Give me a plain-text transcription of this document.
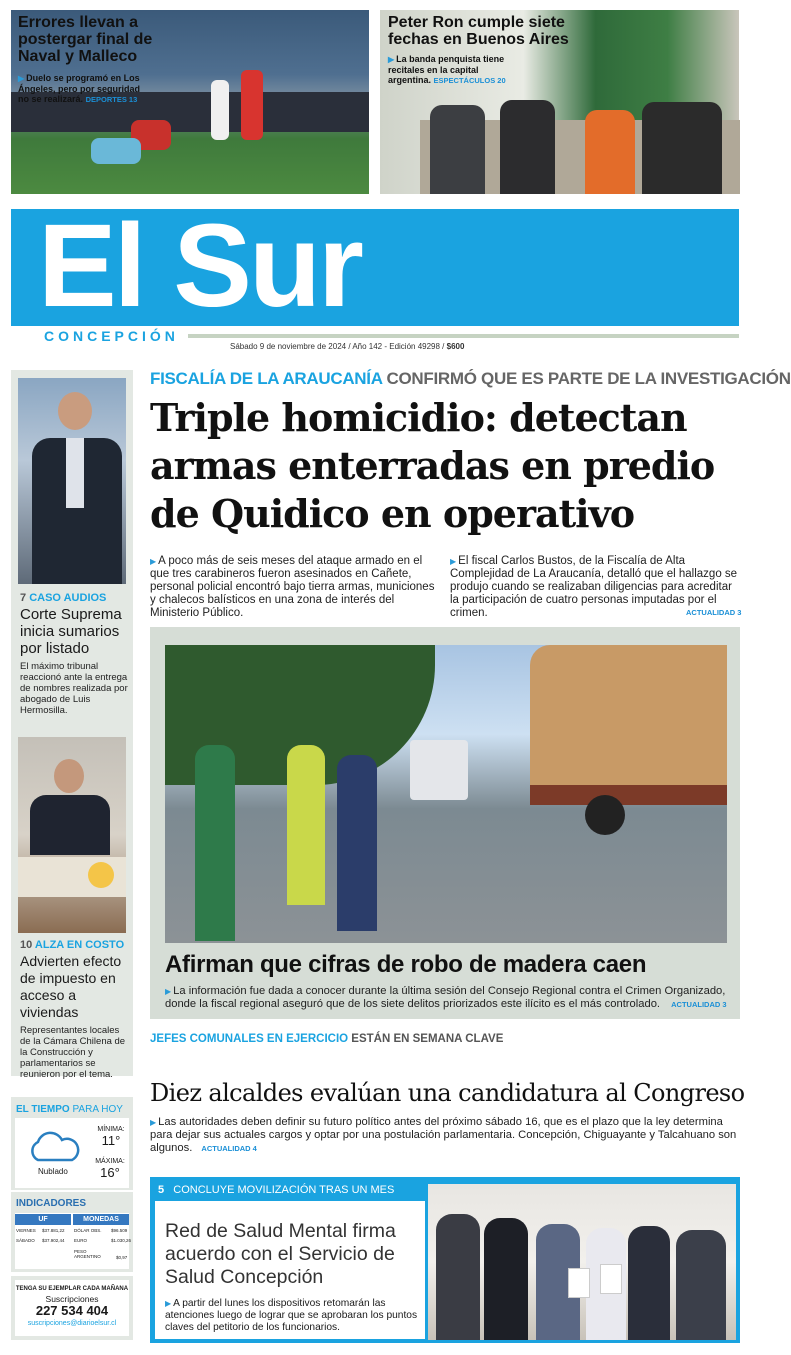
Errores llevan a postergar final de Naval y Malleco
▶ Duelo se programó en Los Ángeles, pero por seguridad no se realizará. DEPORTES 13
Peter Ron cumple siete fechas en Buenos Aires
▶ La banda penquista tiene recitales en la capital argentina. ESPECTÁCULOS 20
El Sur
CONCEPCIÓN
Sábado 9 de noviembre de 2024 / Año 142 - Edición 49298 / $600
7 CASO AUDIOS
Corte Suprema inicia sumarios por listado
El máximo tribunal reaccionó ante la entrega de nombres realizada por abogado de Luis Hermosilla.
10 ALZA EN COSTO
Advierten efecto de impuesto en acceso a viviendas
Representantes locales de la Cámara Chilena de la Construcción y parlamentarios se reunieron por el tema.
EL TIEMPO PARA HOY
Nublado
MÍNIMA:
11°
MÁXIMA:
16°
INDICADORES
UF	MONEDAS
VIERNES $37.881,22 DÓLAR OBS. $96.509
SÁBADO $37.902,44 EURO	$1.030,26
PESO ARGENTINO	$0,97
TENGA SU EJEMPLAR CADA MAÑANA
Suscripciones
227 534 404
suscripciones@diarioelsur.cl
FISCALÍA DE LA ARAUCANÍA CONFIRMÓ QUE ES PARTE DE LA INVESTIGACIÓN
Triple homicidio: detectan armas enterradas en predio de Quidico en operativo
▶ A poco más de seis meses del ataque armado en el que tres carabineros fueron asesinados en Cañete, personal policial encontró bajo tierra armas, municiones y chalecos balísticos en una zona de interés del Ministerio Público.
▶ El fiscal Carlos Bustos, de la Fiscalía de Alta Complejidad de La Araucanía, detalló que el hallazgo se produjo cuando se realizaban diligencias para acreditar la participación de cuatro personas imputadas por el crimen.	ACTUALIDAD 3
Afirman que cifras de robo de madera caen
▶ La información fue dada a conocer durante la última sesión del Consejo Regional contra el Crimen Organizado, donde la fiscal regional aseguró que de los siete delitos priorizados este ilícito es el más controlado. ACTUALIDAD 3
JEFES COMUNALES EN EJERCICIO ESTÁN EN SEMANA CLAVE
Diez alcaldes evalúan una candidatura al Congreso
▶ Las autoridades deben definir su futuro político antes del próximo sábado 16, que es el plazo que la ley determina para dejar sus actuales cargos y optar por una postulación parlamentaria. Concepción, Chiguayante y Talcahuano son algunos. ACTUALIDAD 4
5 CONCLUYE MOVILIZACIÓN TRAS UN MES
Red de Salud Mental firma acuerdo con el Servicio de Salud Concepción
▶ A partir del lunes los dispositivos retomarán las atenciones luego de lograr que se aprobaran los puntos claves del petitorio de los funcionarios.
